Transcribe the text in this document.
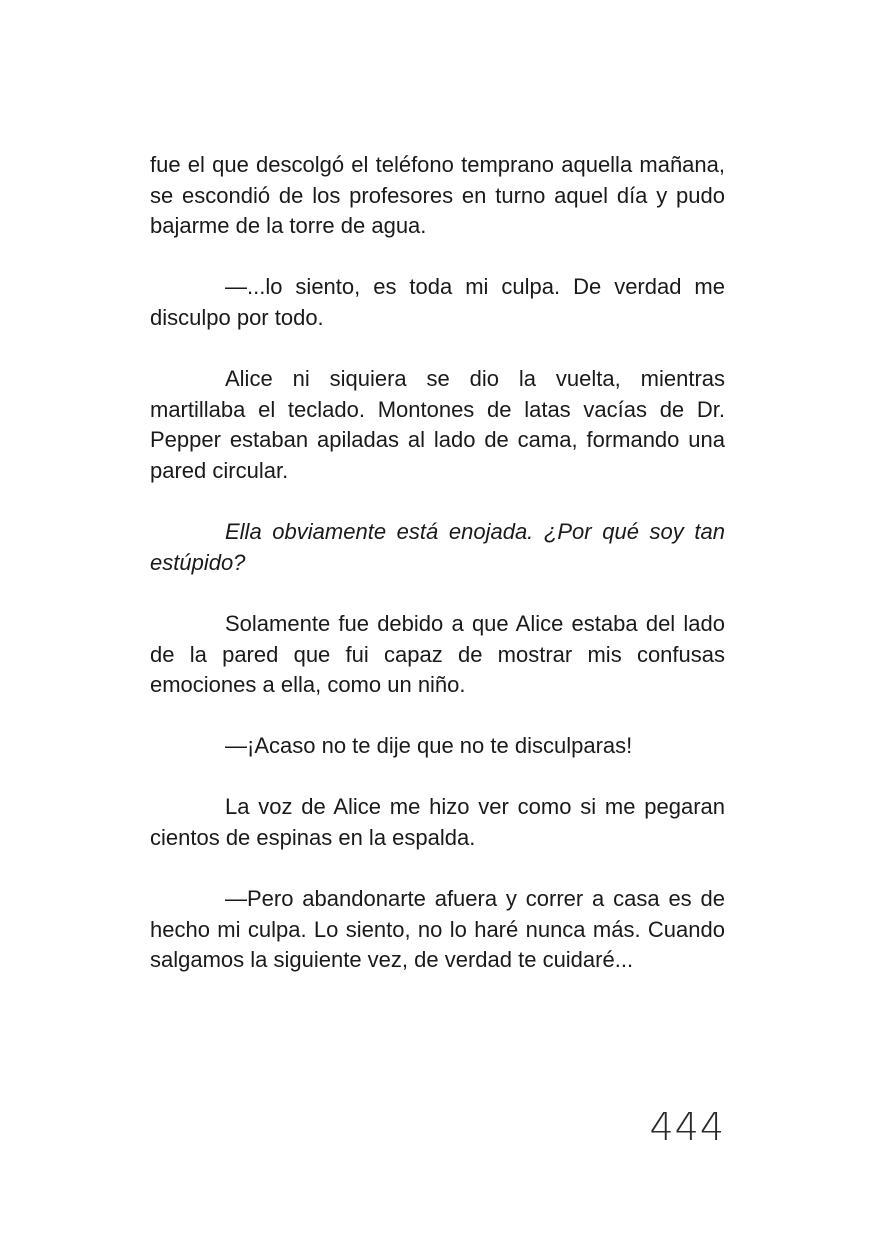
fue el que descolgó el teléfono temprano aquella mañana, se escondió de los profesores en turno aquel día y pudo bajarme de la torre de agua.

—...lo siento, es toda mi culpa. De verdad me disculpo por todo.

Alice ni siquiera se dio la vuelta, mientras martillaba el teclado. Montones de latas vacías de Dr. Pepper estaban apiladas al lado de cama, formando una pared circular.

Ella obviamente está enojada. ¿Por qué soy tan estúpido?

Solamente fue debido a que Alice estaba del lado de la pared que fui capaz de mostrar mis confusas emociones a ella, como un niño.

—¡Acaso no te dije que no te disculparas!

La voz de Alice me hizo ver como si me pegaran cientos de espinas en la espalda.

—Pero abandonarte afuera y correr a casa es de hecho mi culpa. Lo siento, no lo haré nunca más. Cuando salgamos la siguiente vez, de verdad te cuidaré...

444
